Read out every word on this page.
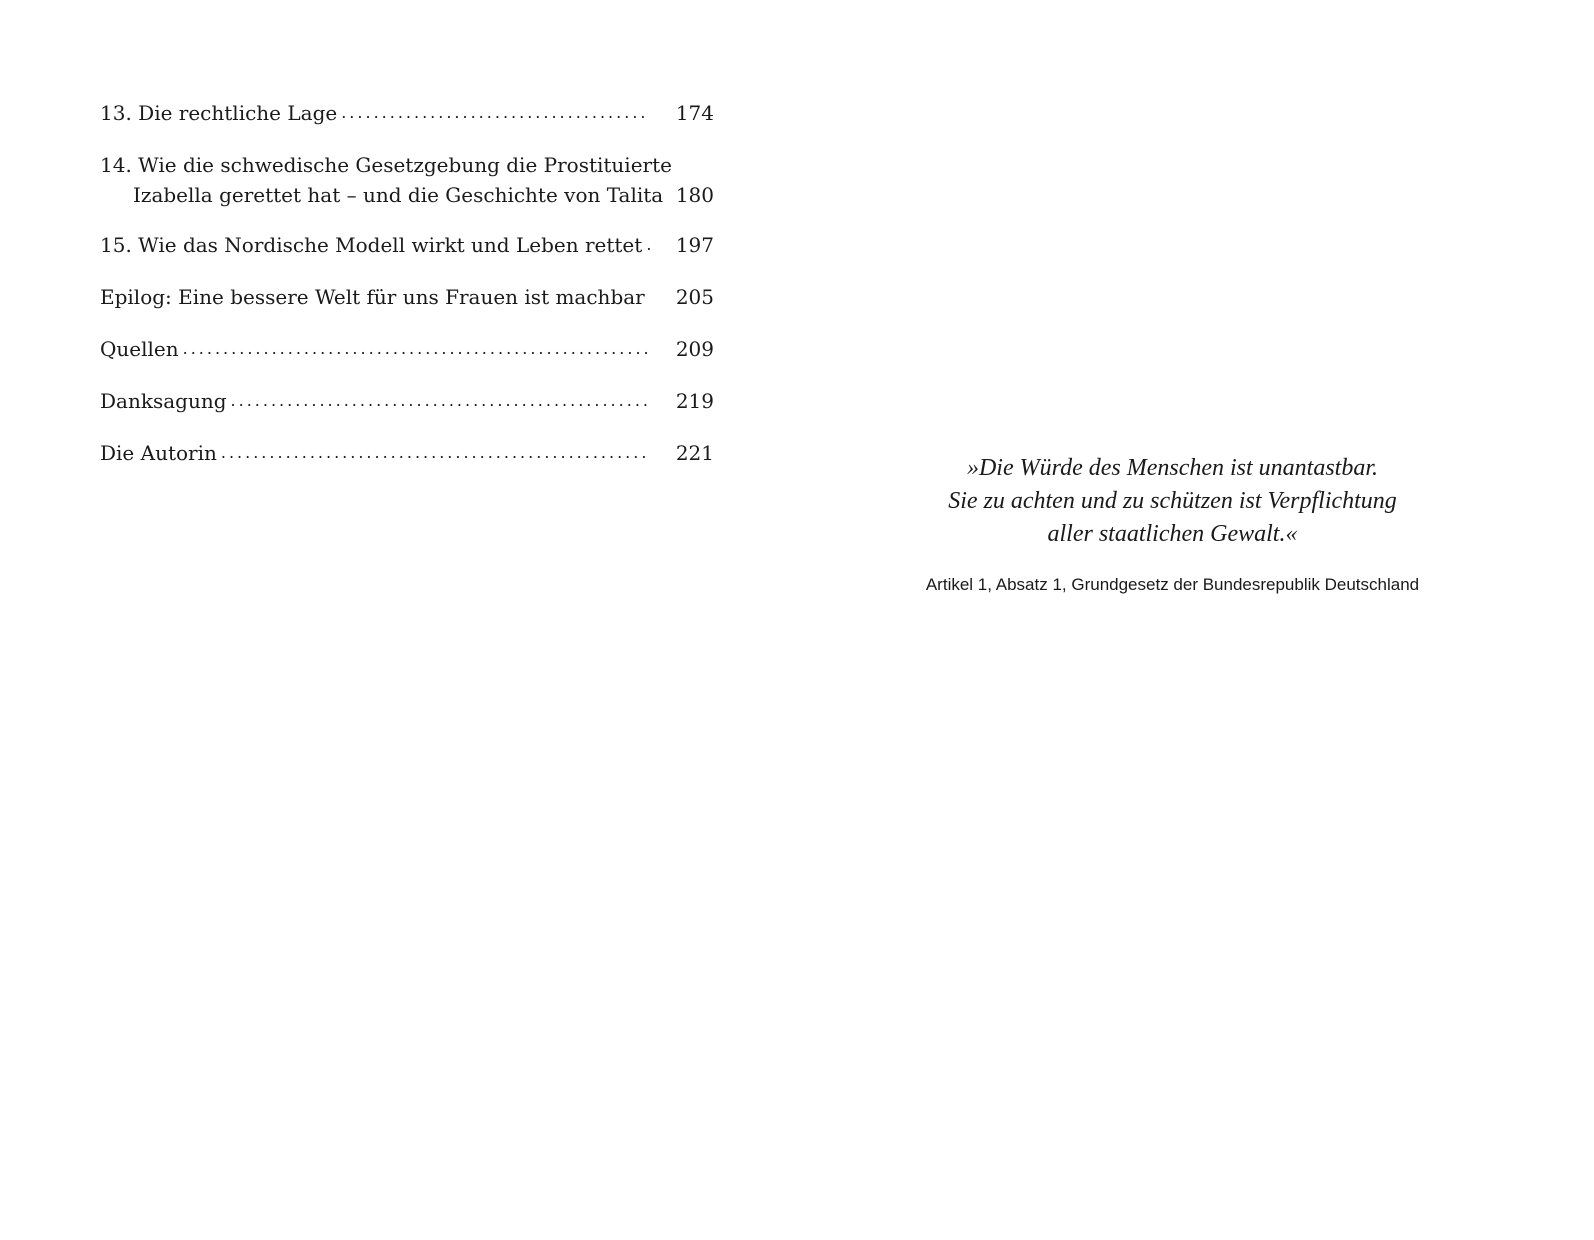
13. Die rechtliche Lage .....	174
14. Wie die schwedische Gesetzgebung die Prostituierte
Izabella gerettet hat – und die Geschichte von Talita 180
15. Wie das Nordische Modell wirkt und Leben rettet .....	197
Epilog: Eine bessere Welt für uns Frauen ist machbar .....	205
Quellen .....	209
Danksagung .....	219
Die Autorin .....	221
»Die Würde des Menschen ist unantastbar.
Sie zu achten und zu schützen ist Verpflichtung
aller staatlichen Gewalt.«
Artikel 1, Absatz 1, Grundgesetz der Bundesrepublik Deutschland
